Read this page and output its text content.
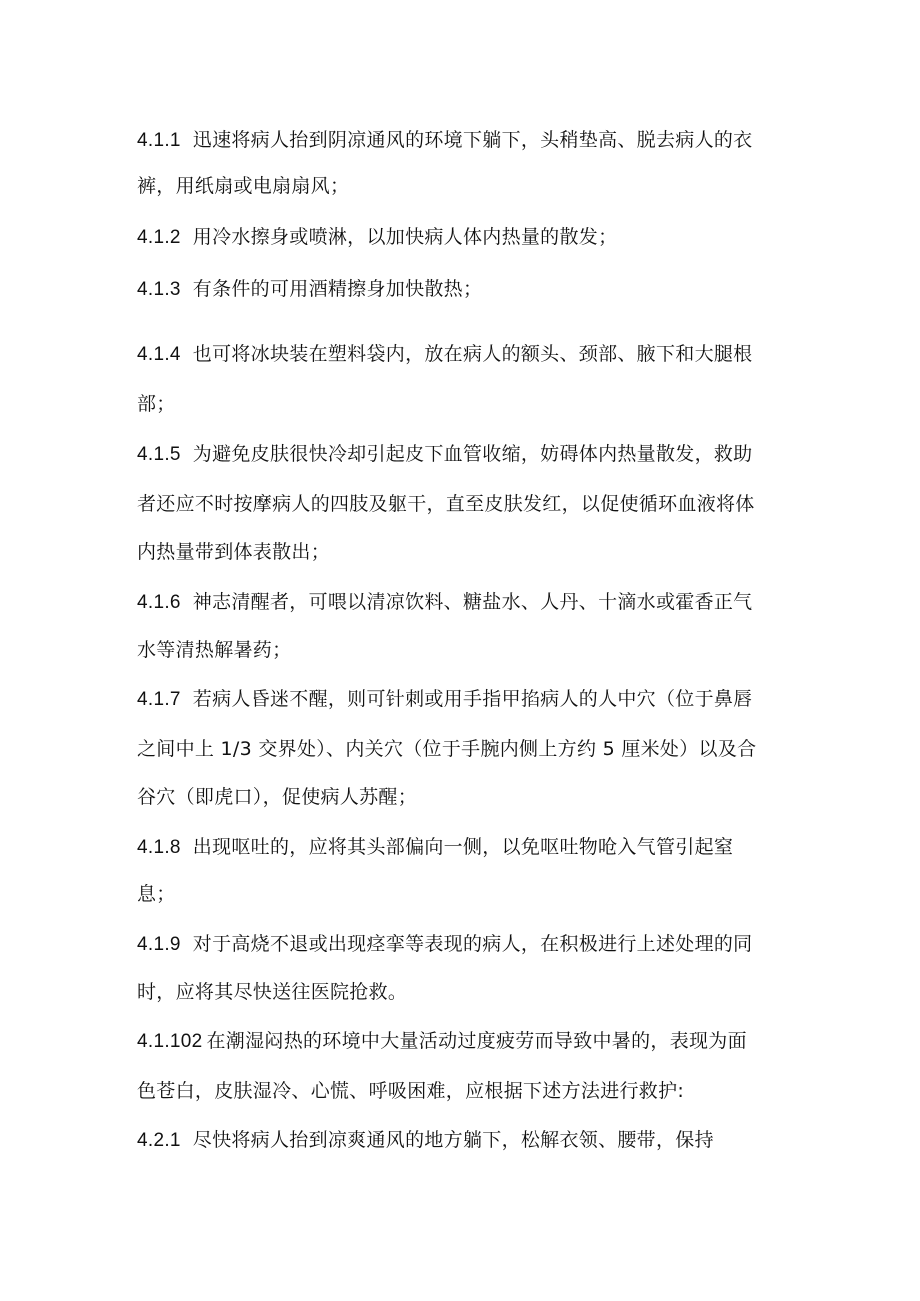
4.1.1 迅速将病人抬到阴凉通风的环境下躺下，头稍垫高、脱去病人的衣
裤，用纸扇或电扇扇风；
4.1.2 用冷水擦身或喷淋，以加快病人体内热量的散发；
4.1.3 有条件的可用酒精擦身加快散热；
4.1.4 也可将冰块装在塑料袋内，放在病人的额头、颈部、腋下和大腿根
部；
4.1.5 为避免皮肤很快冷却引起皮下血管收缩，妨碍体内热量散发，救助
者还应不时按摩病人的四肢及躯干，直至皮肤发红，以促使循环血液将体
内热量带到体表散出；
4.1.6 神志清醒者，可喂以清凉饮料、糖盐水、人丹、十滴水或霍香正气
水等清热解暑药；
4.1.7 若病人昏迷不醒，则可针刺或用手指甲掐病人的人中穴（位于鼻唇
之间中上 1/3 交界处）、内关穴（位于手腕内侧上方约 5 厘米处）以及合
谷穴（即虎口），促使病人苏醒；
4.1.8 出现呕吐的，应将其头部偏向一侧，以免呕吐物呛入气管引起窒
息；
4.1.9 对于高烧不退或出现痉挛等表现的病人，在积极进行上述处理的同
时，应将其尽快送往医院抢救。
4.1.102 在潮湿闷热的环境中大量活动过度疲劳而导致中暑的，表现为面
色苍白，皮肤湿冷、心慌、呼吸困难，应根据下述方法进行救护:
4.2.1 尽快将病人抬到凉爽通风的地方躺下，松解衣领、腰带，保持
